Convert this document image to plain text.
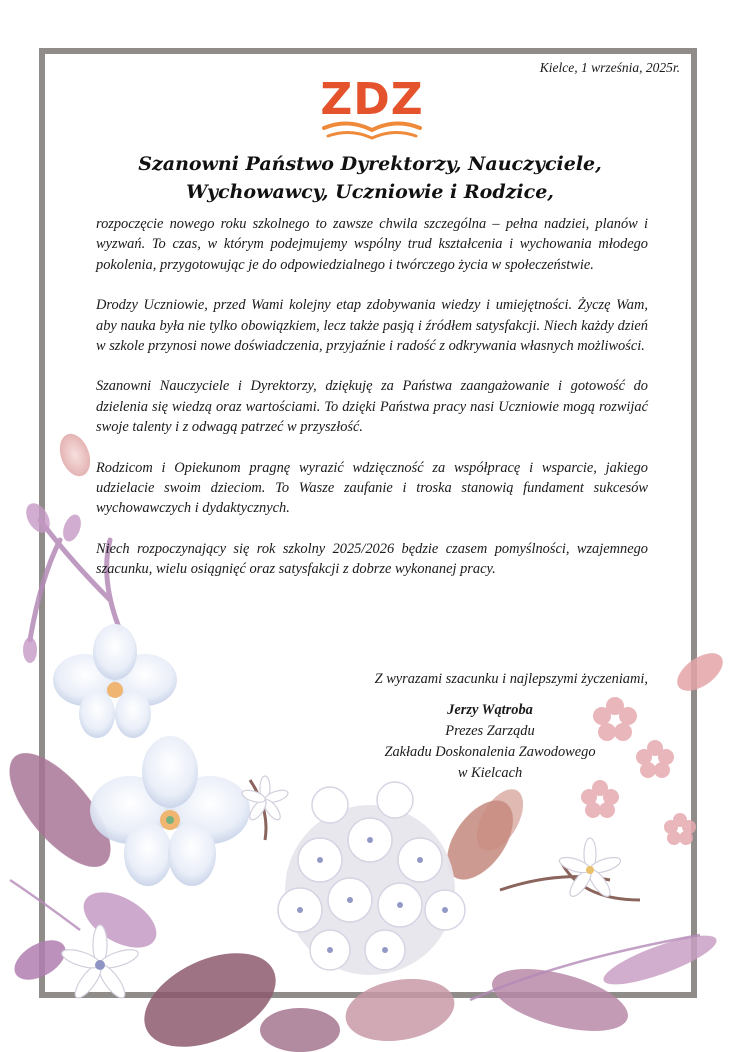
Kielce, 1 września, 2025r.
ZDZ
Szanowni Państwo Dyrektorzy, Nauczyciele,
Wychowawcy, Uczniowie i Rodzice,

rozpoczęcie nowego roku szkolnego to zawsze chwila szczególna – pełna nadziei, planów i wyzwań. To czas, w którym podejmujemy wspólny trud kształcenia i wychowania młodego pokolenia, przygotowując je do odpowiedzialnego i twórczego życia w społeczeństwie.

Drodzy Uczniowie, przed Wami kolejny etap zdobywania wiedzy i umiejętności. Życzę Wam, aby nauka była nie tylko obowiązkiem, lecz także pasją i źródłem satysfakcji. Niech każdy dzień w szkole przynosi nowe doświadczenia, przyjaźnie i radość z odkrywania własnych możliwości.

Szanowni Nauczyciele i Dyrektorzy, dziękuję za Państwa zaangażowanie i gotowość do dzielenia się wiedzą oraz wartościami. To dzięki Państwa pracy nasi Uczniowie mogą rozwijać swoje talenty i z odwagą patrzeć w przyszłość.

Rodzicom i Opiekunom pragnę wyrazić wdzięczność za współpracę i wsparcie, jakiego udzielacie swoim dzieciom. To Wasze zaufanie i troska stanowią fundament sukcesów wychowawczych i dydaktycznych.

Niech rozpoczynający się rok szkolny 2025/2026 będzie czasem pomyślności, wzajemnego szacunku, wielu osiągnięć oraz satysfakcji z dobrze wykonanej pracy.

Z wyrazami szacunku i najlepszymi życzeniami,
Jerzy Wątroba
Prezes Zarządu
Zakładu Doskonalenia Zawodowego
w Kielcach
